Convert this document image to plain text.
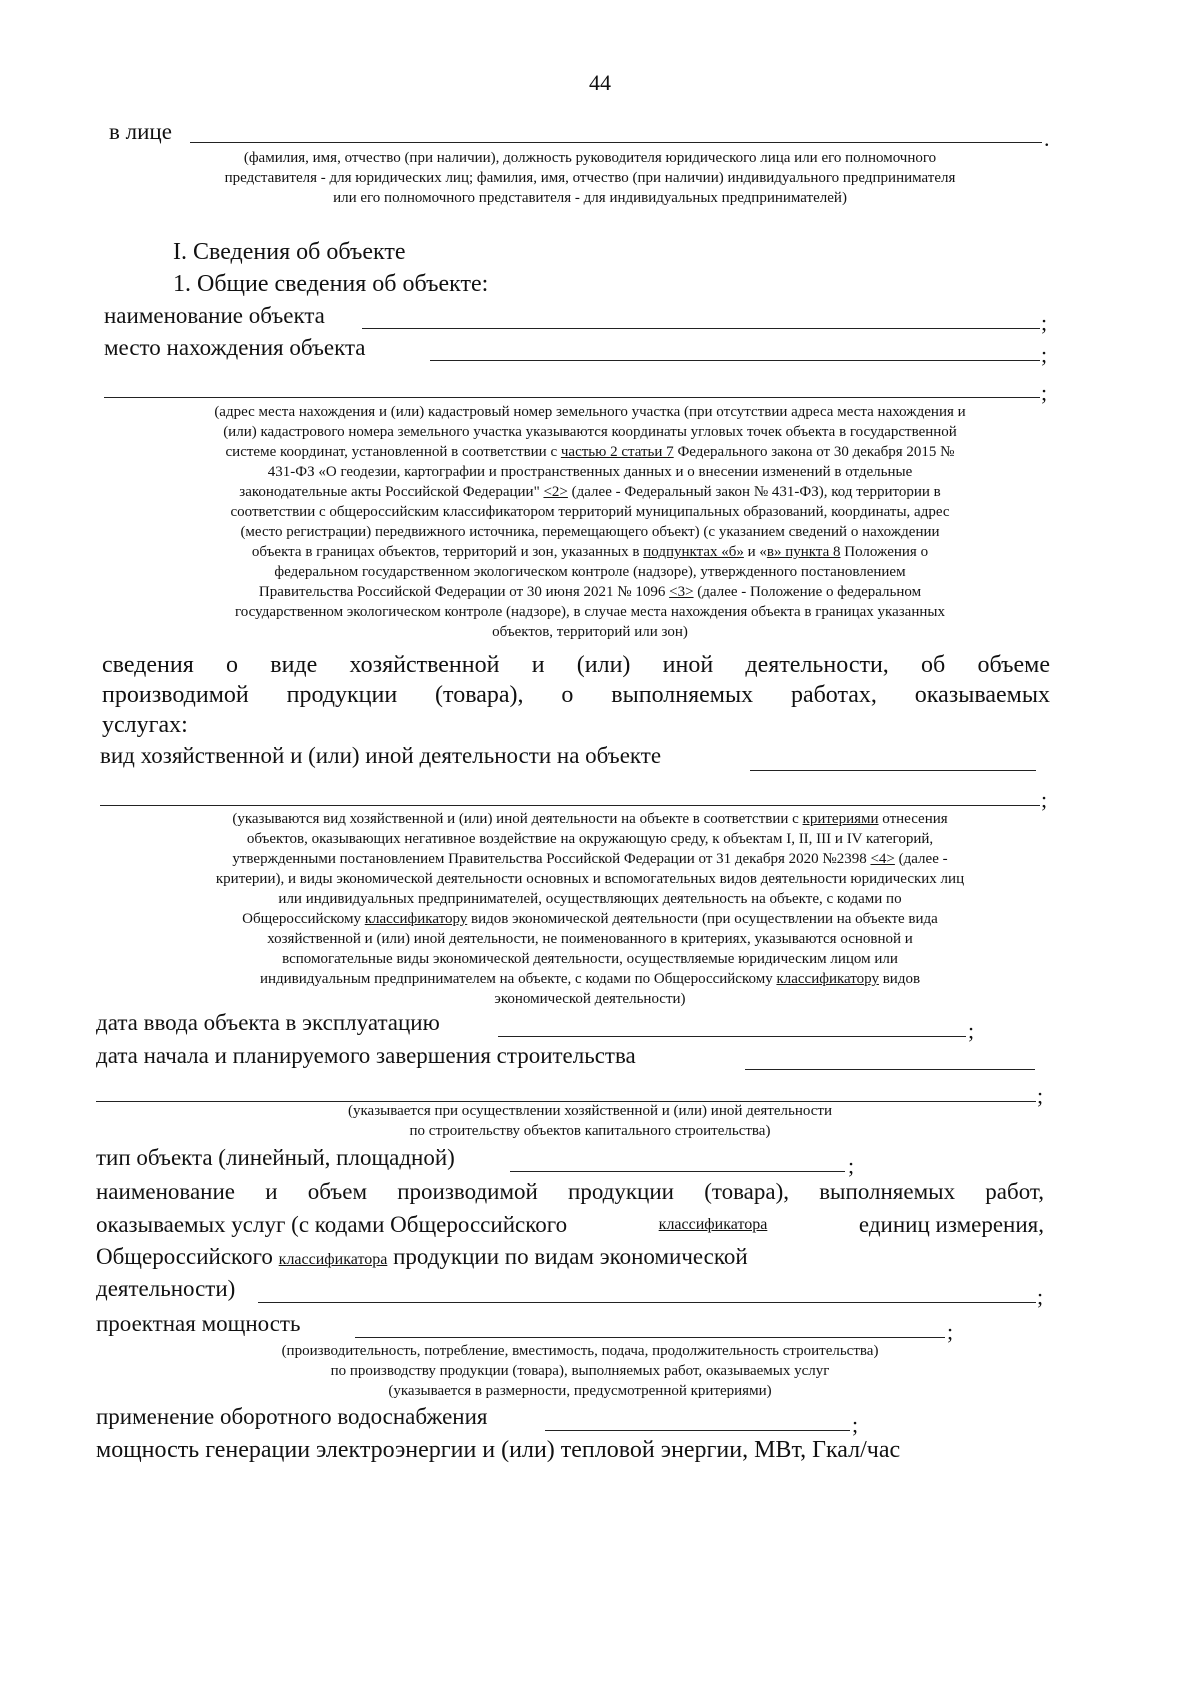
44
в лице	.
(фамилия, имя, отчество (при наличии), должность руководителя юридического лица или его полномочного
представителя - для юридических лиц; фамилия, имя, отчество (при наличии) индивидуального предпринимателя
или его полномочного представителя - для индивидуальных предпринимателей)
I. Сведения об объекте
1. Общие сведения об объекте:
наименование объекта	;
место нахождения объекта	;
;
(адрес места нахождения и (или) кадастровый номер земельного участка (при отсутствии адреса места нахождения и
(или) кадастрового номера земельного участка указываются координаты угловых точек объекта в государственной
системе координат, установленной в соответствии с частью 2 статьи 7 Федерального закона от 30 декабря 2015 №
431-ФЗ «О геодезии, картографии и пространственных данных и о внесении изменений в отдельные
законодательные акты Российской Федерации" <2> (далее - Федеральный закон № 431-ФЗ), код территории в
соответствии с общероссийским классификатором территорий муниципальных образований, координаты, адрес
(место регистрации) передвижного источника, перемещающего объект) (с указанием сведений о нахождении
объекта в границах объектов, территорий и зон, указанных в подпунктах «б» и «в» пункта 8 Положения о
федеральном государственном экологическом контроле (надзоре), утвержденного постановлением
Правительства Российской Федерации от 30 июня 2021 № 1096 <3> (далее - Положение о федеральном
государственном экологическом контроле (надзоре), в случае места нахождения объекта в границах указанных
объектов, территорий или зон)
сведения о виде хозяйственной и (или) иной деятельности, об объеме
производимой продукции (товара), о выполняемых работах, оказываемых
услугах:
вид хозяйственной и (или) иной деятельности на объекте
;
(указываются вид хозяйственной и (или) иной деятельности на объекте в соответствии с критериями отнесения
объектов, оказывающих негативное воздействие на окружающую среду, к объектам I, II, III и IV категорий,
утвержденными постановлением Правительства Российской Федерации от 31 декабря 2020 №2398 <4> (далее -
критерии), и виды экономической деятельности основных и вспомогательных видов деятельности юридических лиц
или индивидуальных предпринимателей, осуществляющих деятельность на объекте, с кодами по
Общероссийскому классификатору видов экономической деятельности (при осуществлении на объекте вида
хозяйственной и (или) иной деятельности, не поименованного в критериях, указываются основной и
вспомогательные виды экономической деятельности, осуществляемые юридическим лицом или
индивидуальным предпринимателем на объекте, с кодами по Общероссийскому классификатору видов
экономической деятельности)
дата ввода объекта в эксплуатацию	;
дата начала и планируемого завершения строительства
;
(указывается при осуществлении хозяйственной и (или) иной деятельности
по строительству объектов капитального строительства)
тип объекта (линейный, площадной)	;
наименование и объем производимой продукции (товара), выполняемых работ,
оказываемых услуг (с кодами Общероссийского	классификатора	единиц измерения,
Общероссийского классификатора продукции по видам экономической
деятельности)	;
проектная мощность	;
(производительность, потребление, вместимость, подача, продолжительность строительства)
по производству продукции (товара), выполняемых работ, оказываемых услуг
(указывается в размерности, предусмотренной критериями)
применение оборотного водоснабжения	;
мощность генерации электроэнергии и (или) тепловой энергии, МВт, Гкал/час
